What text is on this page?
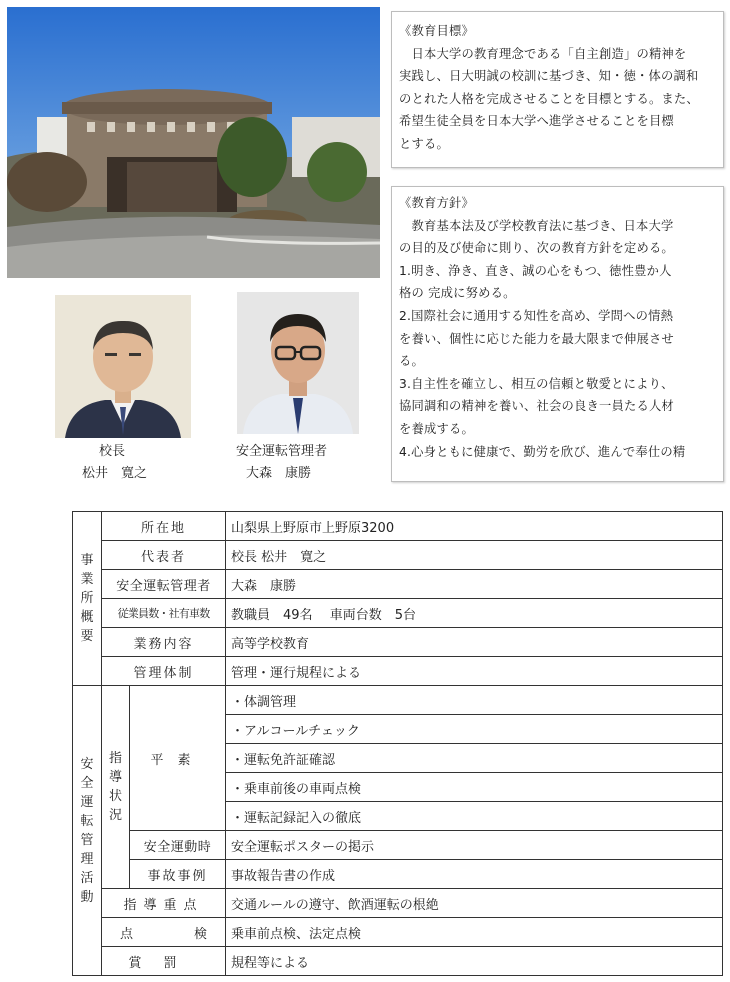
《教育目標》
　日本大学の教育理念である「自主創造」の精神を
実践し、日大明誠の校訓に基づき、知・徳・体の調和
のとれた人格を完成させることを目標とする。また、
希望生徒全員を日本大学へ進学させることを目標
とする。
《教育方針》
　教育基本法及び学校教育法に基づき、日本大学
の目的及び使命に則り、次の教育方針を定める。
1.明き、浄き、直き、誠の心をもつ、徳性豊か人
格の 完成に努める。
2.国際社会に通用する知性を高め、学問への情熱
を養い、個性に応じた能力を最大限まで伸展させ
る。
3.自主性を確立し、相互の信頼と敬愛とにより、
協同調和の精神を養い、社会の良き一員たる人材
を養成する。
4.心身ともに健康で、勤労を欣び、進んで奉仕の精
校長
松井　寛之
安全運転管理者
大森　康勝
事業所概要	所在地		山梨県上野原市上野原3200
	代表者		校長 松井　寛之
	安全運転管理者		大森　康勝
	従業員数・社有車数		教職員　49名　 車両台数　5台
	業務内容		高等学校教育
	管理体制		管理・運行規程による

安全運転管理活動	指導状況	平素	・体調管理
			・アルコールチェック
			・運転免許証確認
			・乗車前後の車両点検
			・運転記録記入の徹底
		安全運動時	安全運転ポスターの掲示
		事故事例	事故報告書の作成
	指導重点		交通ルールの遵守、飲酒運転の根絶
	点検		乗車前点検、法定点検
	賞罰		規程等による
